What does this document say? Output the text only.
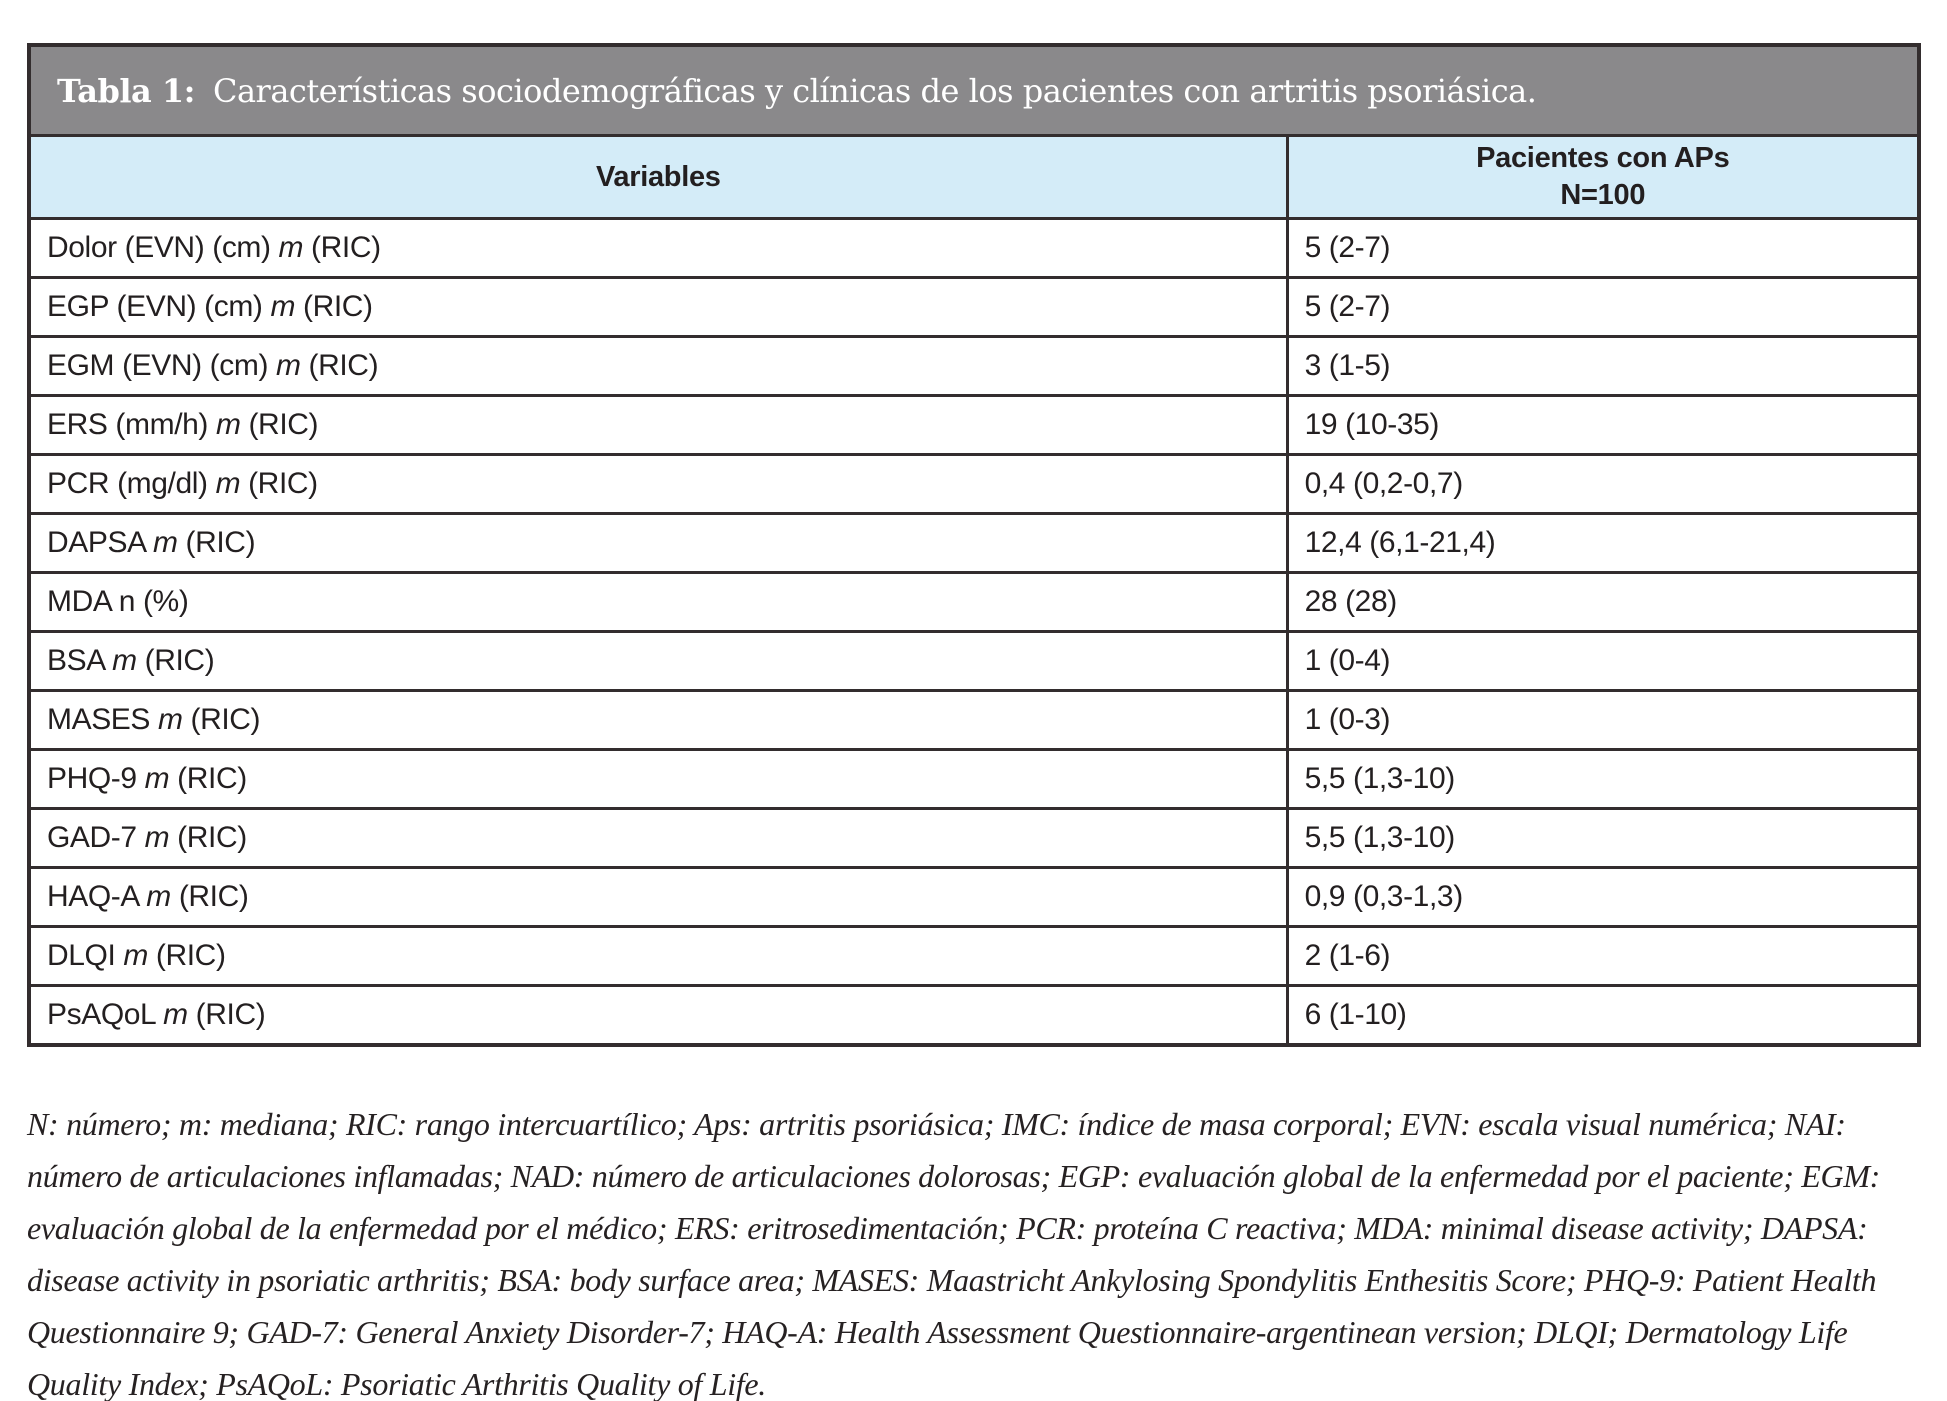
Tabla 1: Características sociodemográficas y clínicas de los pacientes con artritis psoriásica.
Variables	Pacientes con APs
N=100

Dolor (EVN) (cm) m (RIC)	5 (2-7)
EGP (EVN) (cm) m (RIC)	5 (2-7)
EGM (EVN) (cm) m (RIC)	3 (1-5)
ERS (mm/h) m (RIC)	19 (10-35)
PCR (mg/dl) m (RIC)	0,4 (0,2-0,7)
DAPSA m (RIC)	12,4 (6,1-21,4)
MDA n (%)	28 (28)
BSA m (RIC)	1 (0-4)
MASES m (RIC)	1 (0-3)
PHQ-9 m (RIC)	5,5 (1,3-10)
GAD-7 m (RIC)	5,5 (1,3-10)
HAQ-A m (RIC)	0,9 (0,3-1,3)
DLQI m (RIC)	2 (1-6)
PsAQoL m (RIC)	6 (1-10)
N: número; m: mediana; RIC: rango intercuartílico; Aps: artritis psoriásica; IMC: índice de masa corporal; EVN: escala visual numérica; NAI: número de articulaciones inflamadas; NAD: número de articulaciones dolorosas; EGP: evaluación global de la enfermedad por el paciente; EGM: evaluación global de la enfermedad por el médico; ERS: eritrosedimentación; PCR: proteína C reactiva; MDA: minimal disease activity; DAPSA: disease activity in psoriatic arthritis; BSA: body surface area; MASES: Maastricht Ankylosing Spondylitis Enthesitis Score; PHQ-9: Patient Health Questionnaire 9; GAD-7: General Anxiety Disorder-7; HAQ-A: Health Assessment Questionnaire-argentinean version; DLQI; Dermatology Life Quality Index; PsAQoL: Psoriatic Arthritis Quality of Life.
